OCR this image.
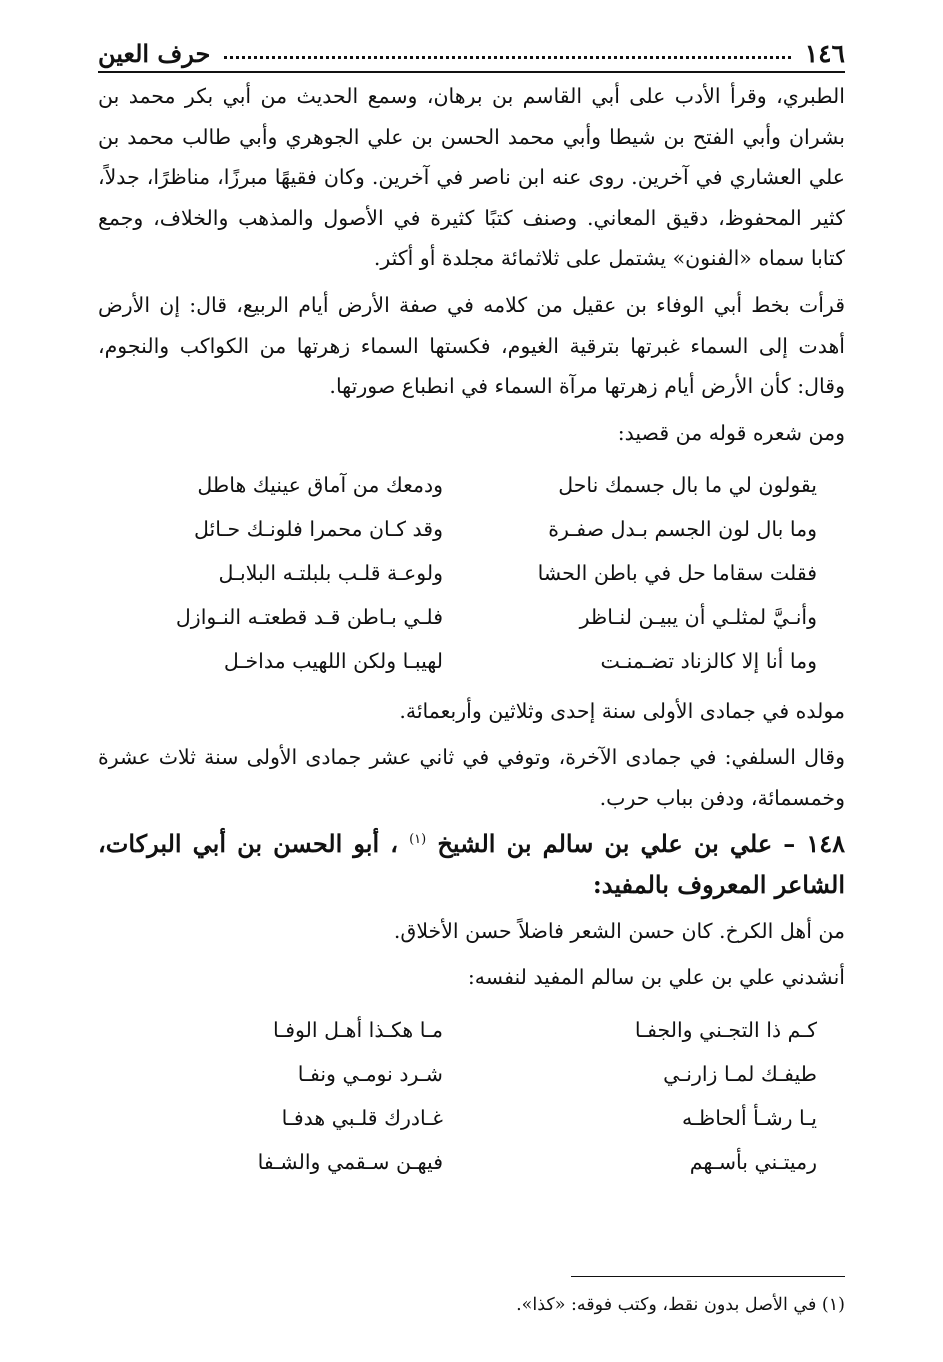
١٤٦
حرف العين

الطبري، وقرأ الأدب على أبي القاسم بن برهان، وسمع الحديث من أبي بكر محمد بن بشران وأبي الفتح بن شيطا وأبي محمد الحسن بن علي الجوهري وأبي طالب محمد بن علي العشاري في آخرين. روى عنه ابن ناصر في آخرين. وكان فقيهًا مبرزًا، مناظرًا، جدلاً، كثير المحفوظ، دقيق المعاني. وصنف كتبًا كثيرة في الأصول والمذهب والخلاف، وجمع كتابا سماه «الفنون» يشتمل على ثلاثمائة مجلدة أو أكثر.

قرأت بخط أبي الوفاء بن عقيل من كلامه في صفة الأرض أيام الربيع، قال: إن الأرض أهدت إلى السماء غبرتها بترقية الغيوم، فكستها السماء زهرتها من الكواكب والنجوم، وقال: كأن الأرض أيام زهرتها مرآة السماء في انطباع صورتها.

ومن شعره قوله من قصيد:

يقولون لي ما بال جسمك ناحل
ودمعك من آماق عينيك هاطل
وما بال لون الجسم بـدل صفـرة
وقد كـان محمرا فلونـك حـائل
فقلت سقاما حل في باطن الحشا
ولوعـة قلـب بلبلتـه البلابـل
وأنـيَّ لمثلـي أن يبيـن لنـاظر
فلـي بـاطن قـد قطعتـه النـوازل
وما أنا إلا كالزناد تضـمنـت
لهيبـا ولكن اللهيب مداخـل

مولده في جمادى الأولى سنة إحدى وثلاثين وأربعمائة.

وقال السلفي: في جمادى الآخرة، وتوفي في ثاني عشر جمادى الأولى سنة ثلاث عشرة وخمسمائة، ودفن بباب حرب.

١٤٨ – علي بن علي بن سالم بن الشيخ $^{(١)}$ ، أبو الحسن بن أبي البركات، الشاعر المعروف بالمفيد:

من أهل الكرخ. كان حسن الشعر فاضلاً حسن الأخلاق.

أنشدني علي بن علي بن سالم المفيد لنفسه:

كـم ذا التجـني والجفـا
مـا هكـذا أهـل الوفـا
طيفـك لمـا زارنـي
شـرد نومـي ونفـا
يـا رشـأ ألحاظـه
غـادرك قلـبي هدفـا
رميتـني بأسـهم
فيهـن سـقمي والشـفا
(١) في الأصل بدون نقط، وكتب فوقه: «كذا».
